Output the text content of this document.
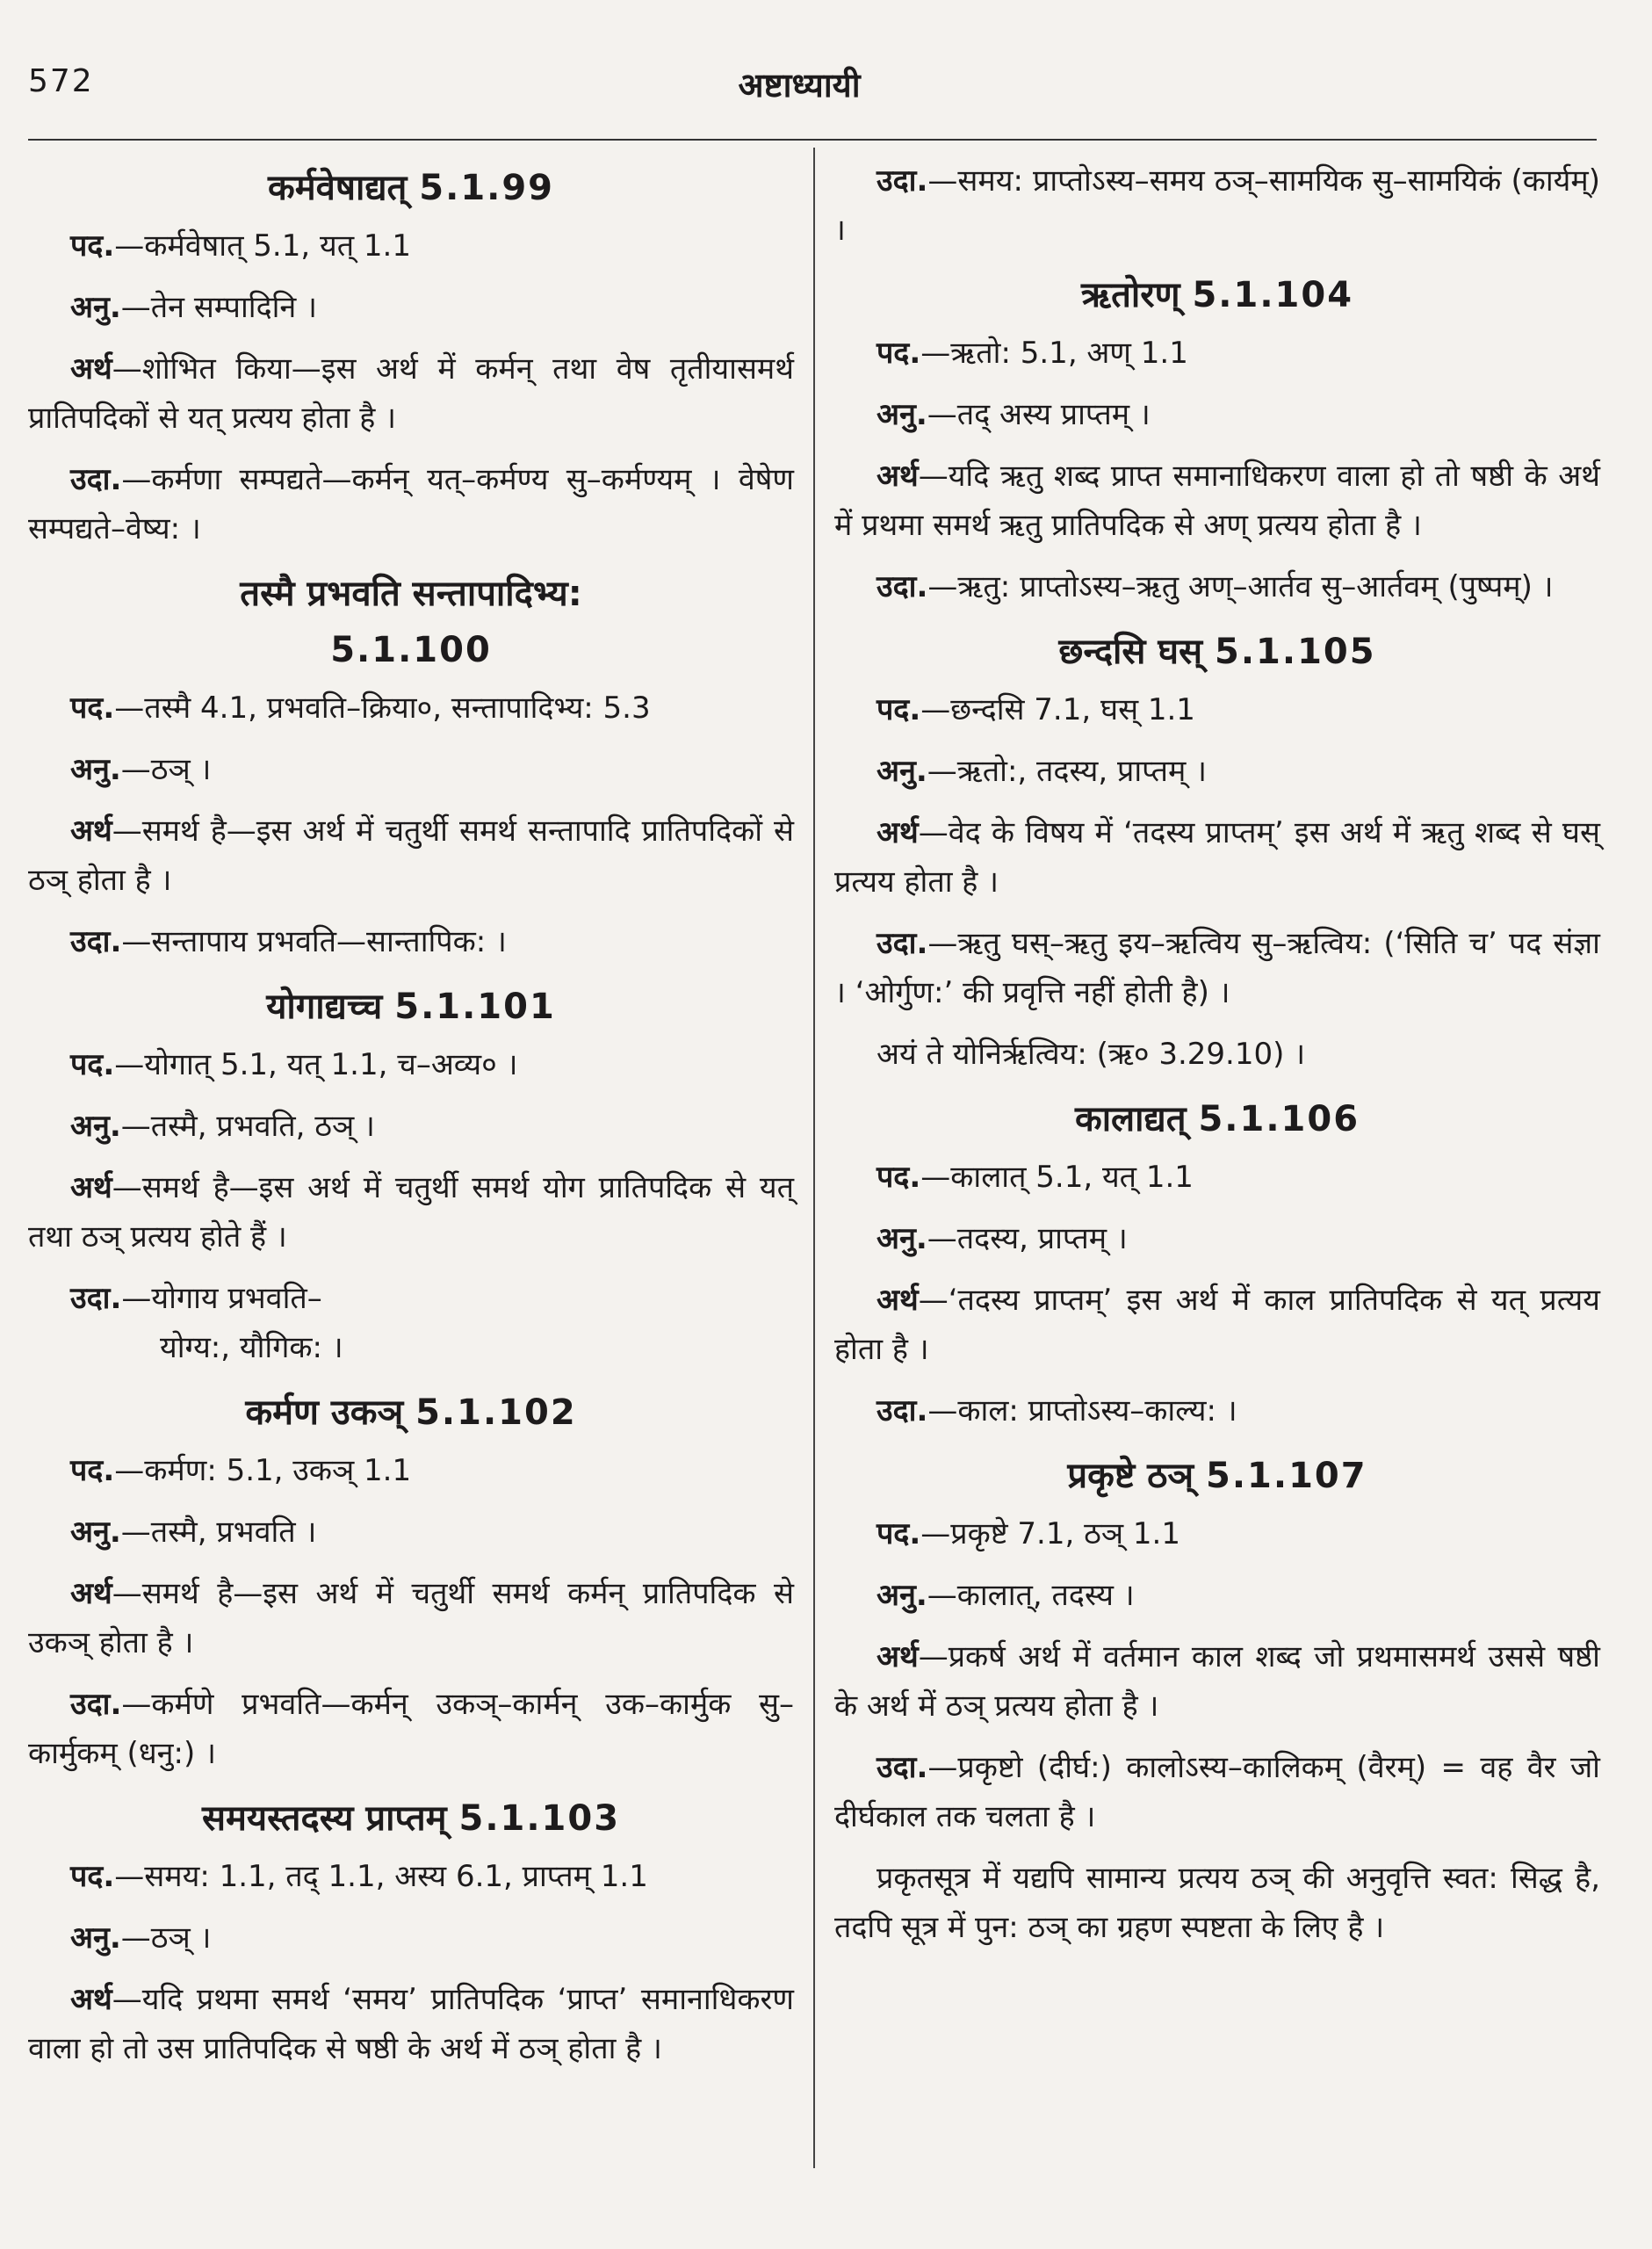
572	अष्टाध्यायी
कर्मवेषाद्यत् 5.1.99

पद.—कर्मवेषात् 5.1, यत् 1.1

अनु.—तेन सम्पादिनि ।

अर्थ—शोभित किया—इस अर्थ में कर्मन् तथा वेष तृतीयासमर्थ प्रातिपदिकों से यत् प्रत्यय होता है ।

उदा.—कर्मणा सम्पद्यते—कर्मन् यत्–कर्मण्य सु–कर्मण्यम् । वेषेण सम्पद्यते–वेष्य: ।

तस्मै प्रभवति सन्तापादिभ्य:
5.1.100

पद.—तस्मै 4.1, प्रभवति–क्रिया०, सन्तापादिभ्य: 5.3

अनु.—ठञ् ।

अर्थ—समर्थ है—इस अर्थ में चतुर्थी समर्थ सन्तापादि प्रातिपदिकों से ठञ् होता है ।

उदा.—सन्तापाय प्रभवति—सान्तापिक: ।

योगाद्यच्च 5.1.101

पद.—योगात् 5.1, यत् 1.1, च–अव्य० ।

अनु.—तस्मै, प्रभवति, ठञ् ।

अर्थ—समर्थ है—इस अर्थ में चतुर्थी समर्थ योग प्रातिपदिक से यत् तथा ठञ् प्रत्यय होते हैं ।

उदा.—योगाय प्रभवति–
योग्य:, यौगिक: ।

कर्मण उकञ् 5.1.102

पद.—कर्मण: 5.1, उकञ् 1.1

अनु.—तस्मै, प्रभवति ।

अर्थ—समर्थ है—इस अर्थ में चतुर्थी समर्थ कर्मन् प्रातिपदिक से उकञ् होता है ।

उदा.—कर्मणे प्रभवति—कर्मन् उकञ्–कार्मन् उक–कार्मुक सु–कार्मुकम् (धनु:) ।

समयस्तदस्य प्राप्तम् 5.1.103

पद.—समय: 1.1, तद् 1.1, अस्य 6.1, प्राप्तम् 1.1

अनु.—ठञ् ।

अर्थ—यदि प्रथमा समर्थ ‘समय’ प्रातिपदिक ‘प्राप्त’ समानाधिकरण वाला हो तो उस प्रातिपदिक से षष्ठी के अर्थ में ठञ् होता है ।

उदा.—समय: प्राप्तोऽस्य–समय ठञ्–सामयिक सु–सामयिकं (कार्यम्) ।

ऋतोरण् 5.1.104

पद.—ऋतो: 5.1, अण् 1.1

अनु.—तद् अस्य प्राप्तम् ।

अर्थ—यदि ऋतु शब्द प्राप्त समानाधिकरण वाला हो तो षष्ठी के अर्थ में प्रथमा समर्थ ऋतु प्रातिपदिक से अण् प्रत्यय होता है ।

उदा.—ऋतु: प्राप्तोऽस्य–ऋतु अण्–आर्तव सु–आर्तवम् (पुष्पम्) ।

छन्दसि घस् 5.1.105

पद.—छन्दसि 7.1, घस् 1.1

अनु.—ऋतो:, तदस्य, प्राप्तम् ।

अर्थ—वेद के विषय में ‘तदस्य प्राप्तम्’ इस अर्थ में ऋतु शब्द से घस् प्रत्यय होता है ।

उदा.—ऋतु घस्–ऋतु इय–ऋत्विय सु–ऋत्विय: (‘सिति च’ पद संज्ञा । ‘ओर्गुण:’ की प्रवृत्ति नहीं होती है) ।

अयं ते योनिर्ऋत्विय: (ऋ० 3.29.10) ।

कालाद्यत् 5.1.106

पद.—कालात् 5.1, यत् 1.1

अनु.—तदस्य, प्राप्तम् ।

अर्थ—‘तदस्य प्राप्तम्’ इस अर्थ में काल प्रातिपदिक से यत् प्रत्यय होता है ।

उदा.—काल: प्राप्तोऽस्य–काल्य: ।

प्रकृष्टे ठञ् 5.1.107

पद.—प्रकृष्टे 7.1, ठञ् 1.1

अनु.—कालात्, तदस्य ।

अर्थ—प्रकर्ष अर्थ में वर्तमान काल शब्द जो प्रथमासमर्थ उससे षष्ठी के अर्थ में ठञ् प्रत्यय होता है ।

उदा.—प्रकृष्टो (दीर्घ:) कालोऽस्य–कालिकम् (वैरम्) = वह वैर जो दीर्घकाल तक चलता है ।

प्रकृतसूत्र में यद्यपि सामान्य प्रत्यय ठञ् की अनुवृत्ति स्वत: सिद्ध है, तदपि सूत्र में पुन: ठञ् का ग्रहण स्पष्टता के लिए है ।
